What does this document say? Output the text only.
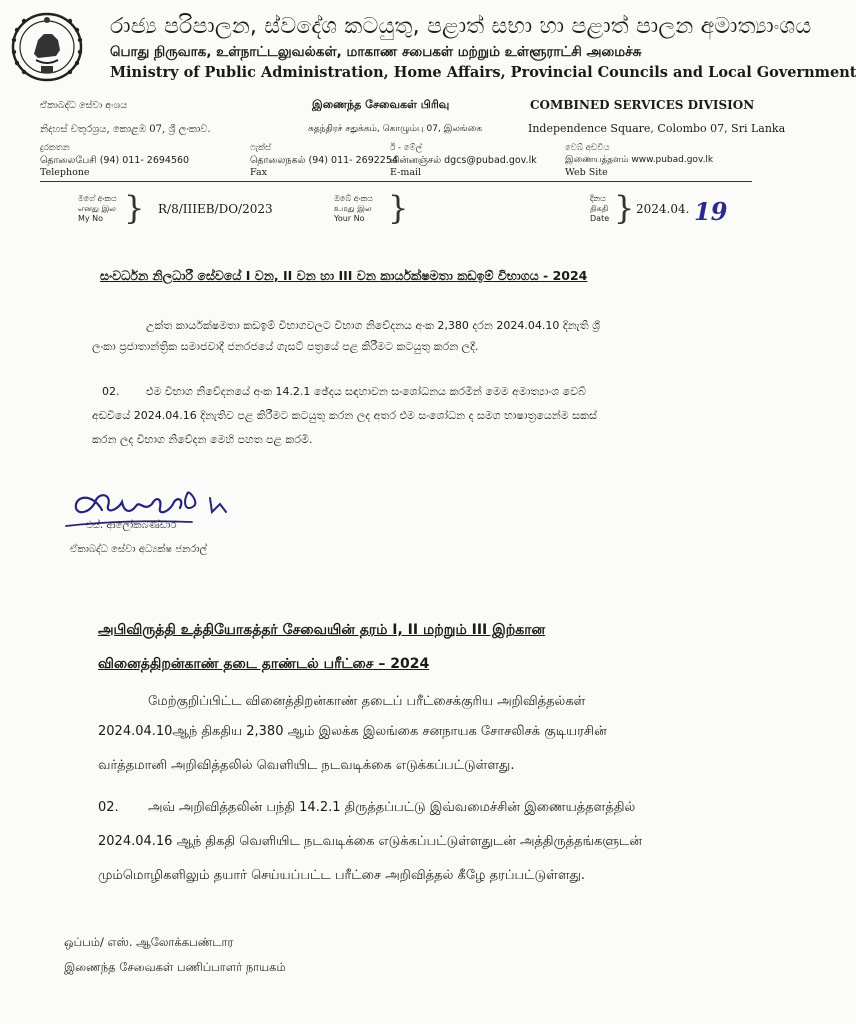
රාජ්‍ය පරිපාලන, ස්වදේශ කටයුතු, පළාත් සභා හා පළාත් පාලන අමාත්‍යාංශය
பொது நிருவாக, உள்நாட்டலுவல்கள், மாகாண சபைகள் மற்றும் உள்ளூராட்சி அமைச்சு
Ministry of Public Administration, Home Affairs, Provincial Councils and Local Government
ඒකාබද්ධ සේවා අංශය	இணைந்த சேவைகள் பிரிவு	COMBINED SERVICES DIVISION
නිදහස් චතුරශ්‍රය, කොළඹ 07, ශ්‍රී ලංකාව.	சுதந்திரச் சதுக்கம், கொழும்பு 07, இலங்கை	Independence Square, Colombo 07, Sri Lanka
දුරකතන
தொலைபேசி (94) 011- 2694560
Telephone
ෆැක්ස්
தொலைநகல் (94) 011- 2692254
Fax
ඊ - මේල්
மின்னஞ்சல் dgcs@pubad.gov.lk
E-mail
වෙබ් අඩවිය
இணையத்தளம் www.pubad.gov.lk
Web Site
මගේ අංකය
எனது இல
My No } R/8/IIIEB/DO/2023
ඔබේ අංකය
உமது இல
Your No }	දිනය
திகதி
Date } 2024.04. 19
සංවර්ධන නිලධාරී සේවයේ I වන, II වන හා III වන කාර්යක්ෂමතා කඩඉම් විභාගය - 2024
උක්ත කාර්යක්ෂමතා කඩඉම් විභාගවලට විභාග නිවේදනය අංක 2,380 දරන 2024.04.10 දිනැති ශ්‍රී
ලංකා ප්‍රජාතාන්ත්‍රික සමාජවාදී ජනරජයේ ගැසට් පත්‍රයේ පළ කිරීමට කටයුතු කරන ලදී.
02. එම විභාග නිවේදනයේ අංක 14.2.1 ඡේදය සඳහාවන සංශෝධනය කරමින් මෙම අමාත්‍යාංශ වෙබ්
අඩවියේ 2024.04.16 දිනැතිව පළ කිරීමට කටයුතු කරන ලද අතර එම සංශෝධන ද සමග භාෂාත්‍රයෙන්ම සකස්
කරන ලද විභාග නිවේදන මෙහි පහත පළ කරමි.
එස්. ආලෝකබණ්ඩාර
ඒකාබද්ධ සේවා අධ්‍යක්ෂ ජනරාල්
அபிவிருத்தி உத்தியோகத்தர் சேவையின் தரம் I, II மற்றும் III இற்கான
வினைத்திறன்காண் தடை தாண்டல் பரீட்சை – 2024
மேற்குறிப்பிட்ட வினைத்திறன்காண் தடைப் பரீட்சைக்குரிய அறிவித்தல்கள்
2024.04.10ஆந் திகதிய 2,380 ஆம் இலக்க இலங்கை சனநாயக சோசலிசக் குடியரசின்
வர்த்தமானி அறிவித்தலில் வெளியிட நடவடிக்கை எடுக்கப்பட்டுள்ளது.
02. அவ் அறிவித்தலின் பந்தி 14.2.1 திருத்தப்பட்டு இவ்வமைச்சின் இணையத்தளத்தில்
2024.04.16 ஆந் திகதி வெளியிட நடவடிக்கை எடுக்கப்பட்டுள்ளதுடன் அத்திருத்தங்களுடன்
மும்மொழிகளிலும் தயார் செய்யப்பட்ட பரீட்சை அறிவித்தல் கீழே தரப்பட்டுள்ளது.
ஒப்பம்/ எஸ். ஆலோக்கபண்டார
இணைந்த சேவைகள் பணிப்பாளர் நாயகம்
